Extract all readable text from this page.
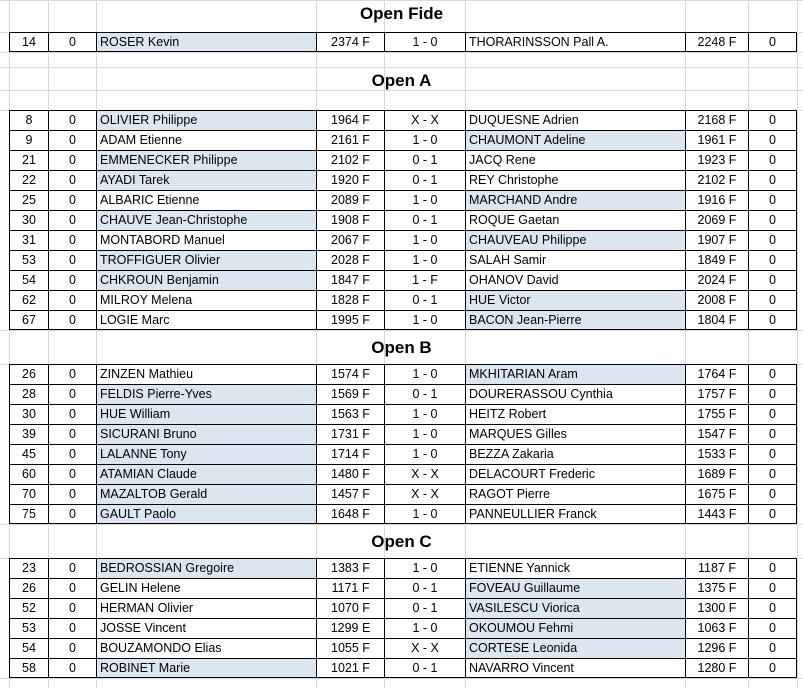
Open Fide
14	0	ROSER Kevin	2374 F	1 - 0	THORARINSSON Pall A.	2248 F	0
Open A
8	0	OLIVIER Philippe	1964 F	X - X	DUQUESNE Adrien	2168 F	0
9	0	ADAM Etienne	2161 F	1 - 0	CHAUMONT Adeline	1961 F	0
21	0	EMMENECKER Philippe	2102 F	0 - 1	JACQ Rene	1923 F	0
22	0	AYADI Tarek	1920 F	0 - 1	REY Christophe	2102 F	0
25	0	ALBARIC Etienne	2089 F	1 - 0	MARCHAND Andre	1916 F	0
30	0	CHAUVE Jean-Christophe	1908 F	0 - 1	ROQUE Gaetan	2069 F	0
31	0	MONTABORD Manuel	2067 F	1 - 0	CHAUVEAU Philippe	1907 F	0
53	0	TROFFIGUER Olivier	2028 F	1 - 0	SALAH Samir	1849 F	0
54	0	CHKROUN Benjamin	1847 F	1 - F	OHANOV David	2024 F	0
62	0	MILROY Melena	1828 F	0 - 1	HUE Victor	2008 F	0
67	0	LOGIE Marc	1995 F	1 - 0	BACON Jean-Pierre	1804 F	0
Open B
26	0	ZINZEN Mathieu	1574 F	1 - 0	MKHITARIAN Aram	1764 F	0
28	0	FELDIS Pierre-Yves	1569 F	0 - 1	DOURERASSOU Cynthia	1757 F	0
30	0	HUE William	1563 F	1 - 0	HEITZ Robert	1755 F	0
39	0	SICURANI Bruno	1731 F	1 - 0	MARQUES Gilles	1547 F	0
45	0	LALANNE Tony	1714 F	1 - 0	BEZZA Zakaria	1533 F	0
60	0	ATAMIAN Claude	1480 F	X - X	DELACOURT Frederic	1689 F	0
70	0	MAZALTOB Gerald	1457 F	X - X	RAGOT Pierre	1675 F	0
75	0	GAULT Paolo	1648 F	1 - 0	PANNEULLIER Franck	1443 F	0
Open C
23	0	BEDROSSIAN Gregoire	1383 F	1 - 0	ETIENNE Yannick	1187 F	0
26	0	GELIN Helene	1171 F	0 - 1	FOVEAU Guillaume	1375 F	0
52	0	HERMAN Olivier	1070 F	0 - 1	VASILESCU Viorica	1300 F	0
53	0	JOSSE Vincent	1299 E	1 - 0	OKOUMOU Fehmi	1063 F	0
54	0	BOUZAMONDO Elias	1055 F	X - X	CORTESE Leonida	1296 F	0
58	0	ROBINET Marie	1021 F	0 - 1	NAVARRO Vincent	1280 F	0
